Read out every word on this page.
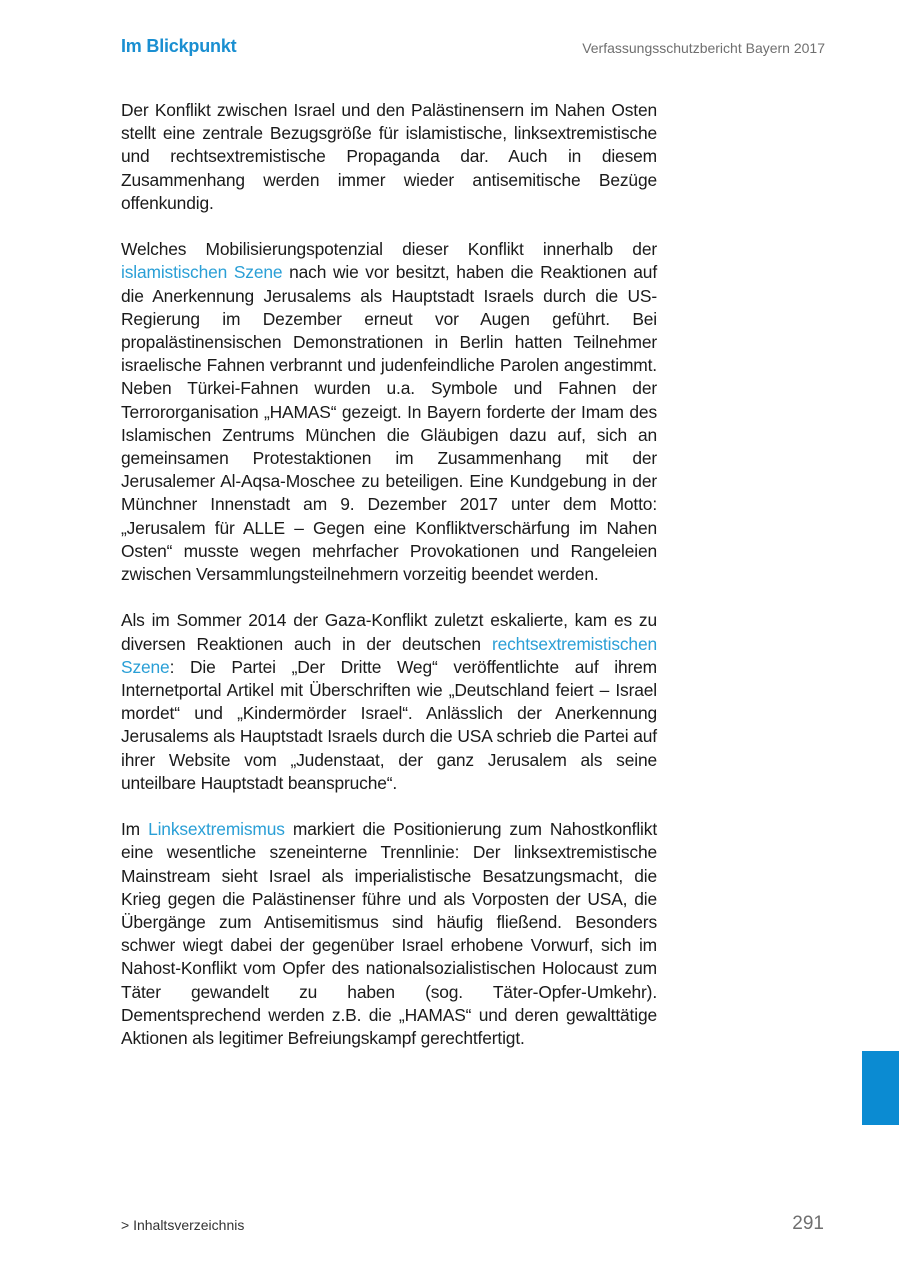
Im Blickpunkt	Verfassungsschutzbericht Bayern 2017

Der Konflikt zwischen Israel und den Palästinensern im Nahen Osten stellt eine zentrale Bezugsgröße für islamistische, linksextremistische und rechtsextremistische Propaganda dar. Auch in diesem Zusammenhang werden immer wieder antisemitische Bezüge offenkundig.

Welches Mobilisierungspotenzial dieser Konflikt innerhalb der islamistischen Szene nach wie vor besitzt, haben die Reaktionen auf die Anerkennung Jerusalems als Hauptstadt Israels durch die US-Regierung im Dezember erneut vor Augen geführt. Bei propalästinensischen Demonstrationen in Berlin hatten Teilnehmer israelische Fahnen verbrannt und judenfeindliche Parolen angestimmt. Neben Türkei-Fahnen wurden u.a. Symbole und Fahnen der Terrororganisation „HAMAS“ gezeigt. In Bayern forderte der Imam des Islamischen Zentrums München die Gläubigen dazu auf, sich an gemeinsamen Protestaktionen im Zusammenhang mit der Jerusalemer Al-Aqsa-Moschee zu beteiligen. Eine Kundgebung in der Münchner Innenstadt am 9. Dezember 2017 unter dem Motto: „Jerusalem für ALLE – Gegen eine Konfliktverschärfung im Nahen Osten“ musste wegen mehrfacher Provokationen und Rangeleien zwischen Versammlungsteilnehmern vorzeitig beendet werden.

Als im Sommer 2014 der Gaza-Konflikt zuletzt eskalierte, kam es zu diversen Reaktionen auch in der deutschen rechtsextremistischen Szene: Die Partei „Der Dritte Weg“ veröffentlichte auf ihrem Internetportal Artikel mit Überschriften wie „Deutschland feiert – Israel mordet“ und „Kindermörder Israel“. Anlässlich der Anerkennung Jerusalems als Hauptstadt Israels durch die USA schrieb die Partei auf ihrer Website vom „Judenstaat, der ganz Jerusalem als seine unteilbare Hauptstadt beanspruche“.

Im Linksextremismus markiert die Positionierung zum Nahostkonflikt eine wesentliche szeneinterne Trennlinie: Der linksextremistische Mainstream sieht Israel als imperialistische Besatzungsmacht, die Krieg gegen die Palästinenser führe und als Vorposten der USA, die Übergänge zum Antisemitismus sind häufig fließend. Besonders schwer wiegt dabei der gegenüber Israel erhobene Vorwurf, sich im Nahost-Konflikt vom Opfer des nationalsozialistischen Holocaust zum Täter gewandelt zu haben (sog. Täter-Opfer-Umkehr). Dementsprechend werden z.B. die „HAMAS“ und deren gewalttätige Aktionen als legitimer Befreiungskampf gerechtfertigt.

> Inhaltsverzeichnis	291
